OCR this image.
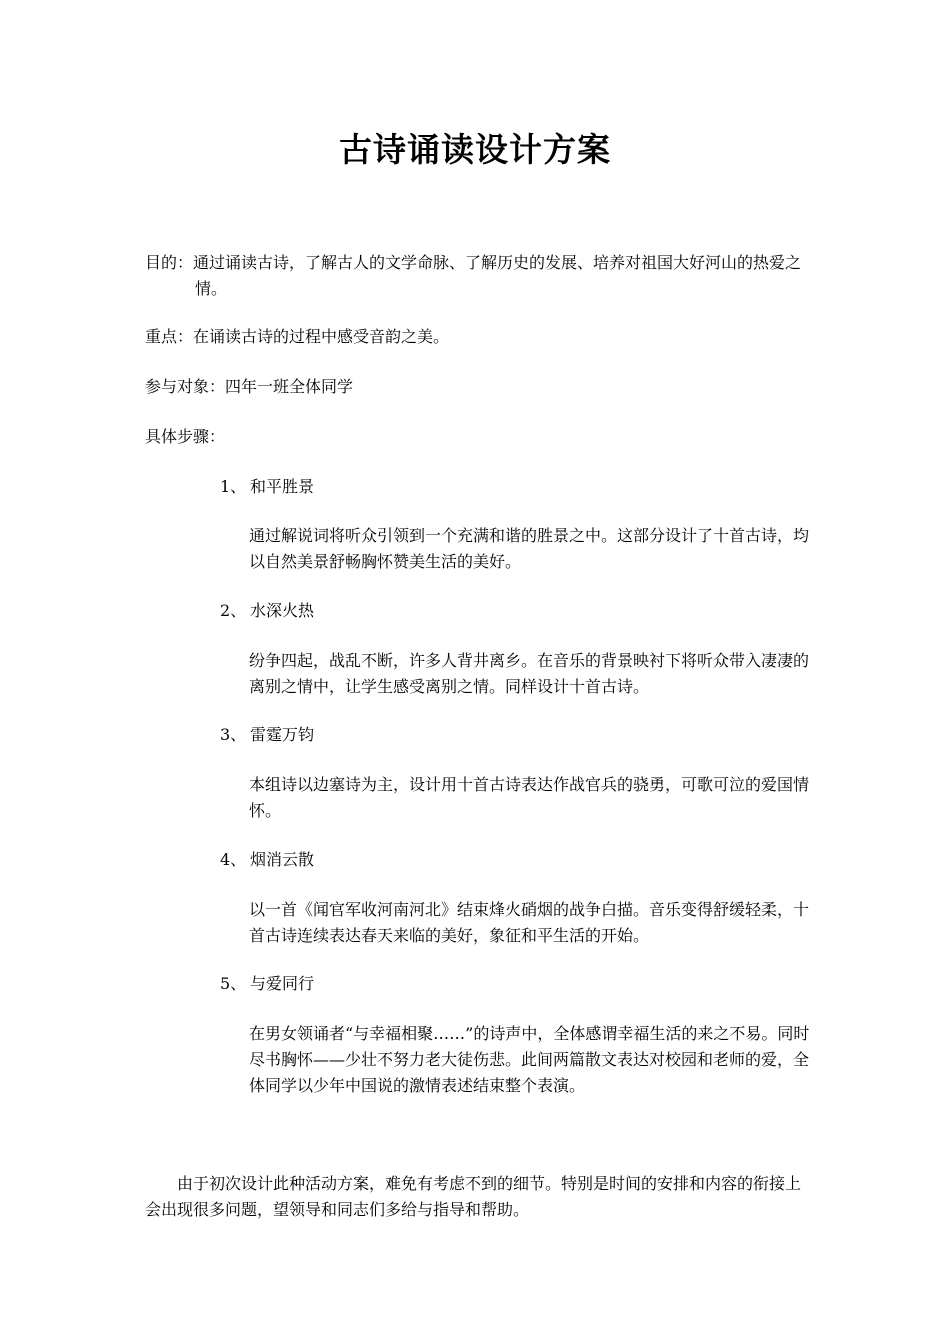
古诗诵读设计方案

目的：通过诵读古诗，了解古人的文学命脉、了解历史的发展、培养对祖国大好河山的热爱之
情。

重点：在诵读古诗的过程中感受音韵之美。

参与对象：四年一班全体同学

具体步骤：

1、 和平胜景

通过解说词将听众引领到一个充满和谐的胜景之中。这部分设计了十首古诗，均以自然美景舒畅胸怀赞美生活的美好。

2、 水深火热

纷争四起，战乱不断，许多人背井离乡。在音乐的背景映衬下将听众带入凄凄的离别之情中，让学生感受离别之情。同样设计十首古诗。

3、 雷霆万钧

本组诗以边塞诗为主，设计用十首古诗表达作战官兵的骁勇，可歌可泣的爱国情怀。

4、 烟消云散

以一首《闻官军收河南河北》结束烽火硝烟的战争白描。音乐变得舒缓轻柔，十首古诗连续表达春天来临的美好，象征和平生活的开始。

5、 与爱同行

在男女领诵者“与幸福相聚……”的诗声中，全体感谓幸福生活的来之不易。同时尽书胸怀——少壮不努力老大徒伤悲。此间两篇散文表达对校园和老师的爱，全体同学以少年中国说的激情表述结束整个表演。

由于初次设计此种活动方案，难免有考虑不到的细节。特别是时间的安排和内容的衔接上会出现很多问题，望领导和同志们多给与指导和帮助。
